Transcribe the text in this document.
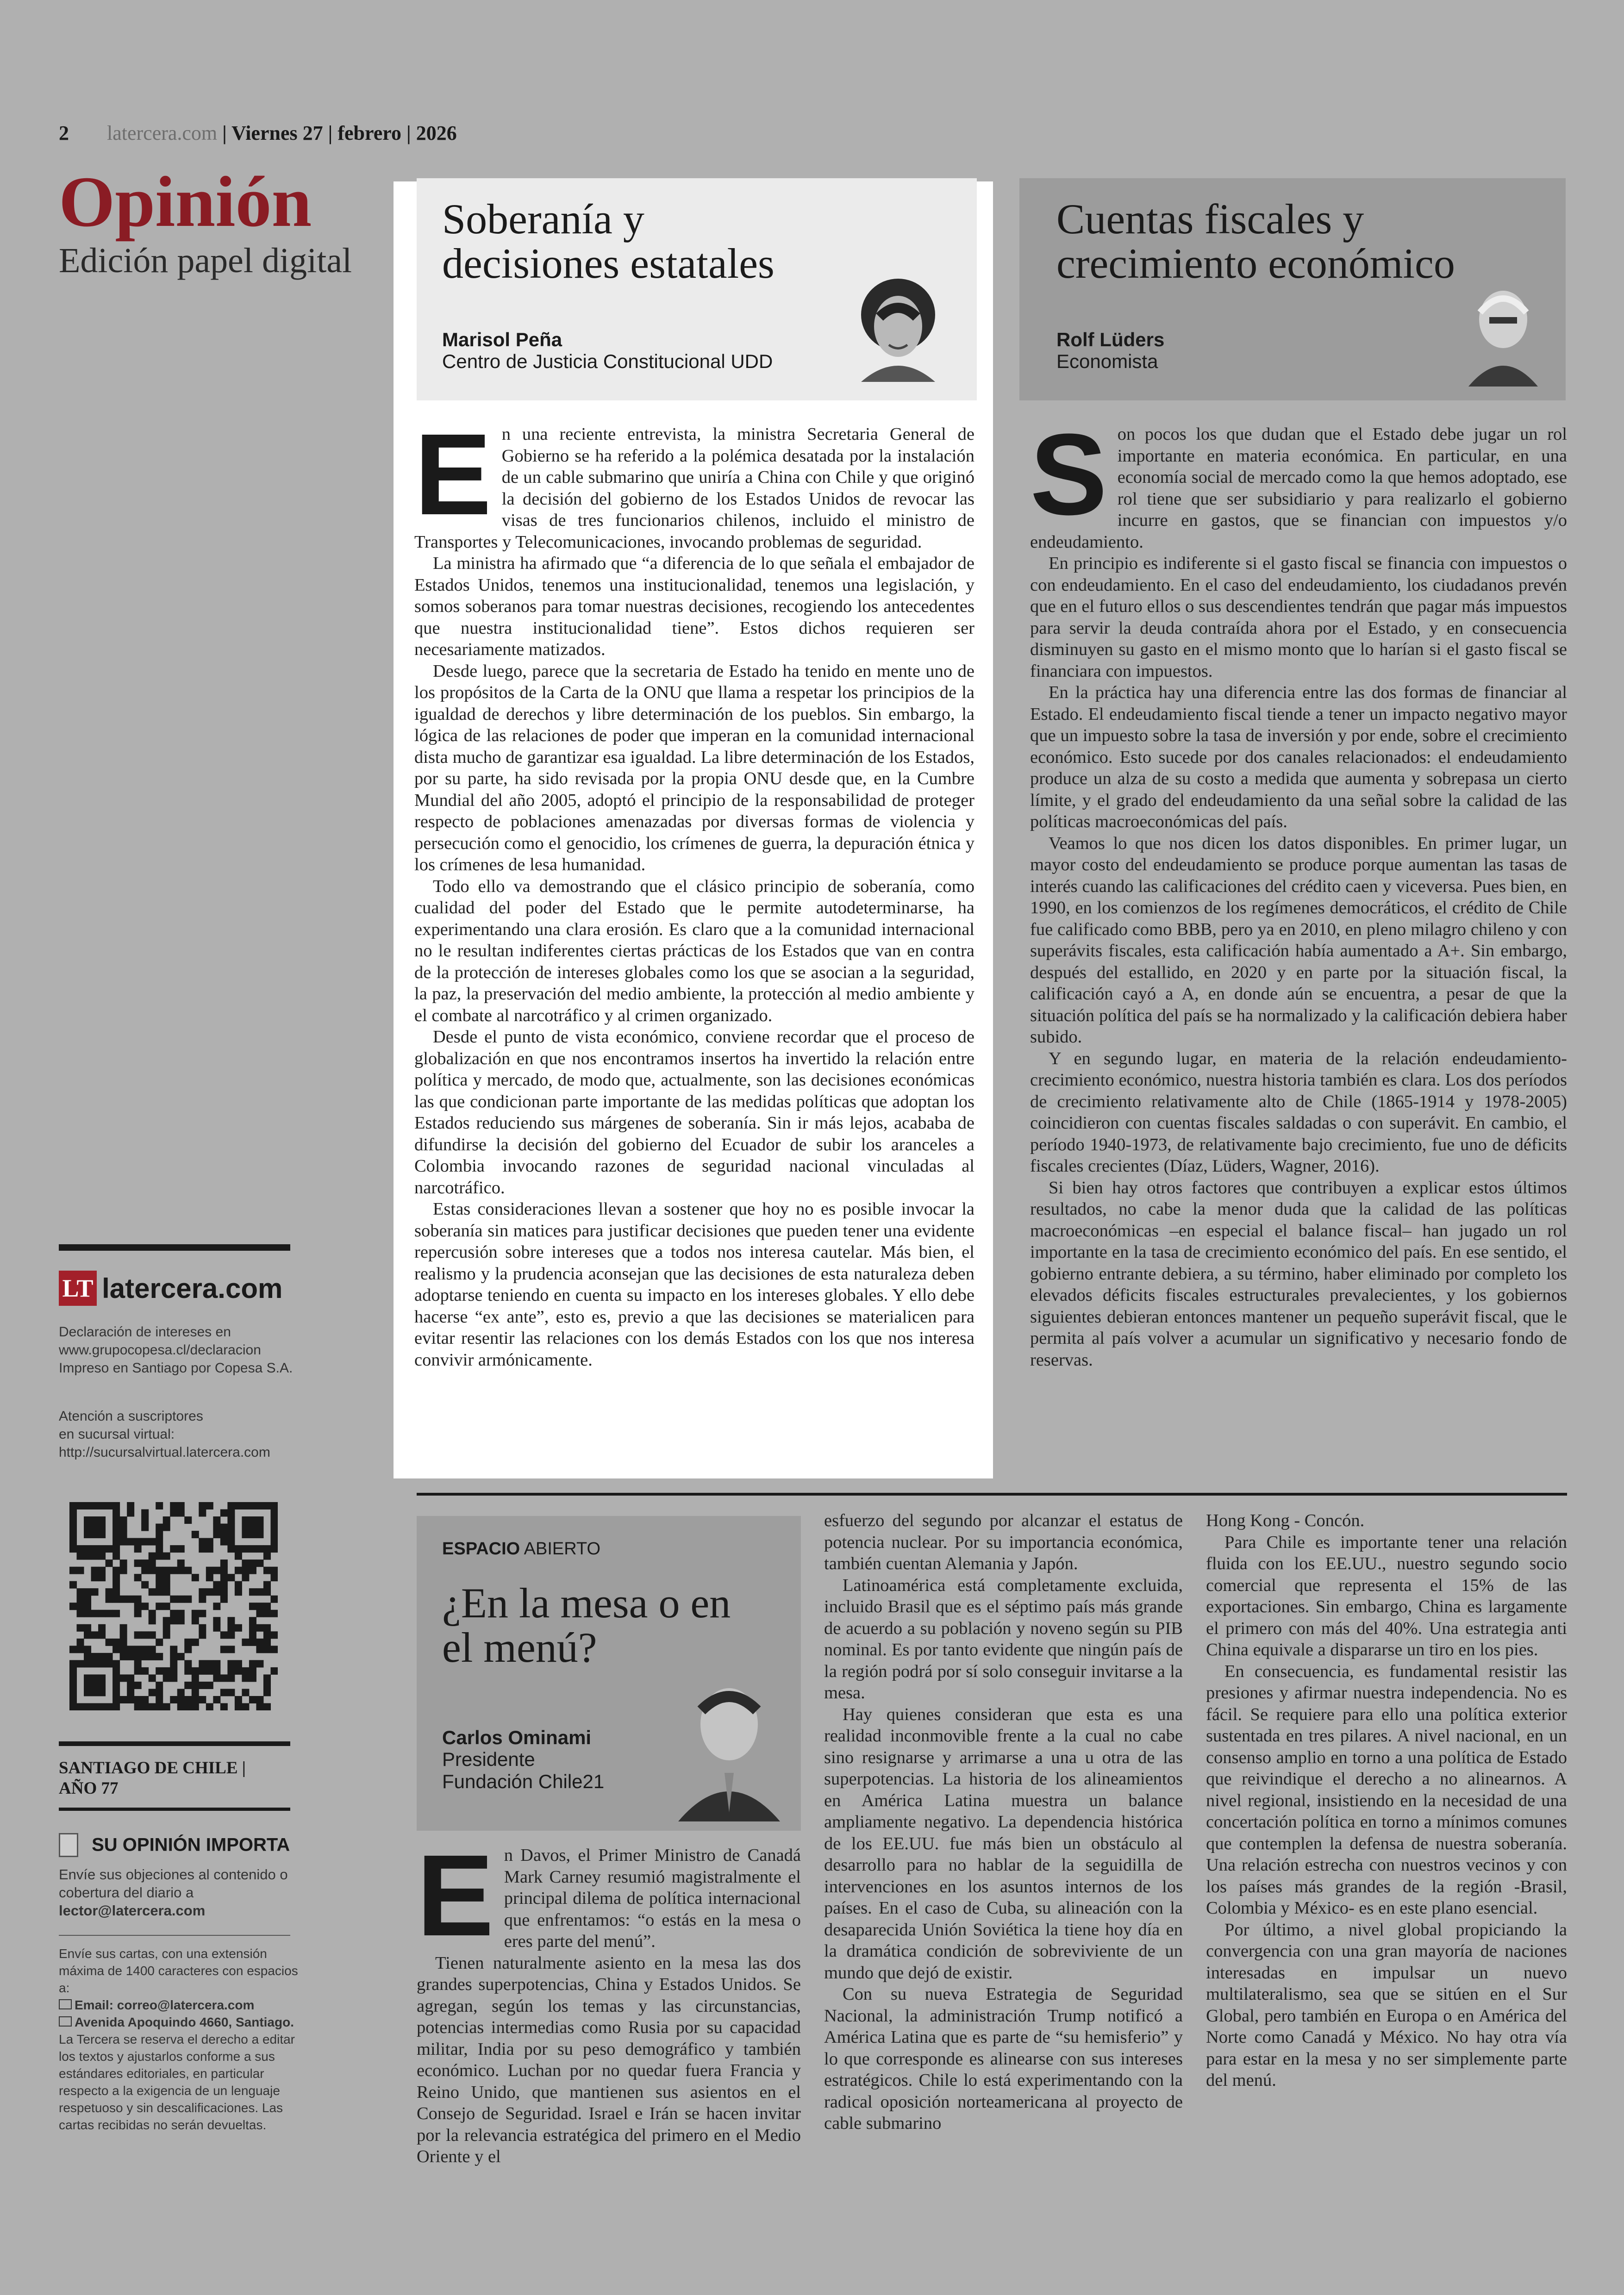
2 latercera.com | Viernes 27 | febrero | 2026
Opinión
Edición papel digital
LT latercera.com
Declaración de intereses en www.grupocopesa.cl/declaracion Impreso en Santiago por Copesa S.A.
Atención a suscriptores
en sucursal virtual:
http://sucursalvirtual.latercera.com
SANTIAGO DE CHILE |
AÑO 77
SU OPINIÓN IMPORTA
Envíe sus objeciones al contenido o cobertura del diario a
lector@latercera.com
Envíe sus cartas, con una extensión máxima de 1400 caracteres con espacios a:
Email: correo@latercera.com
Avenida Apoquindo 4660, Santiago.
La Tercera se reserva el derecho a editar los textos y ajustarlos conforme a sus estándares editoriales, en particular respecto a la exigencia de un lenguaje respetuoso y sin descalificaciones. Las cartas recibidas no serán devueltas.
Soberanía y
decisiones estatales
Marisol Peña
Centro de Justicia Constitucional UDD

En una reciente entrevista, la ministra Secretaria General de Gobierno se ha referido a la polémica desatada por la instalación de un cable submarino que uniría a China con Chile y que originó la decisión del gobierno de los Estados Unidos de revocar las visas de tres funcionarios chilenos, incluido el ministro de Transportes y Telecomunicaciones, invocando problemas de seguridad.

La ministra ha afirmado que “a diferencia de lo que señala el embajador de Estados Unidos, tenemos una institucionalidad, tenemos una legislación, y somos soberanos para tomar nuestras decisiones, recogiendo los antecedentes que nuestra institucionalidad tiene”. Estos dichos requieren ser necesariamente matizados.

Desde luego, parece que la secretaria de Estado ha tenido en mente uno de los propósitos de la Carta de la ONU que llama a respetar los principios de la igualdad de derechos y libre determinación de los pueblos. Sin embargo, la lógica de las relaciones de poder que imperan en la comunidad internacional dista mucho de garantizar esa igualdad. La libre determinación de los Estados, por su parte, ha sido revisada por la propia ONU desde que, en la Cumbre Mundial del año 2005, adoptó el principio de la responsabilidad de proteger respecto de poblaciones amenazadas por diversas formas de violencia y persecución como el genocidio, los crímenes de guerra, la depuración étnica y los crímenes de lesa humanidad.

Todo ello va demostrando que el clásico principio de soberanía, como cualidad del poder del Estado que le permite autodeterminarse, ha experimentando una clara erosión. Es claro que a la comunidad internacional no le resultan indiferentes ciertas prácticas de los Estados que van en contra de la protección de intereses globales como los que se asocian a la seguridad, la paz, la preservación del medio ambiente, la protección al medio ambiente y el combate al narcotráfico y al crimen organizado.

Desde el punto de vista económico, conviene recordar que el proceso de globalización en que nos encontramos insertos ha invertido la relación entre política y mercado, de modo que, actualmente, son las decisiones económicas las que condicionan parte importante de las medidas políticas que adoptan los Estados reduciendo sus márgenes de soberanía. Sin ir más lejos, acababa de difundirse la decisión del gobierno del Ecuador de subir los aranceles a Colombia invocando razones de seguridad nacional vinculadas al narcotráfico.

Estas consideraciones llevan a sostener que hoy no es posible invocar la soberanía sin matices para justificar decisiones que pueden tener una evidente repercusión sobre intereses que a todos nos interesa cautelar. Más bien, el realismo y la prudencia aconsejan que las decisiones de esta naturaleza deben adoptarse teniendo en cuenta su impacto en los intereses globales. Y ello debe hacerse “ex ante”, esto es, previo a que las decisiones se materialicen para evitar resentir las relaciones con los demás Estados con los que nos interesa convivir armónicamente.

Cuentas fiscales y
crecimiento económico
Rolf Lüders
Economista

Son pocos los que dudan que el Estado debe jugar un rol importante en materia económica. En particular, en una economía social de mercado como la que hemos adoptado, ese rol tiene que ser subsidiario y para realizarlo el gobierno incurre en gastos, que se financian con impuestos y/o endeudamiento.

En principio es indiferente si el gasto fiscal se financia con impuestos o con endeudamiento. En el caso del endeudamiento, los ciudadanos prevén que en el futuro ellos o sus descendientes tendrán que pagar más impuestos para servir la deuda contraída ahora por el Estado, y en consecuencia disminuyen su gasto en el mismo monto que lo harían si el gasto fiscal se financiara con impuestos.

En la práctica hay una diferencia entre las dos formas de financiar al Estado. El endeudamiento fiscal tiende a tener un impacto negativo mayor que un impuesto sobre la tasa de inversión y por ende, sobre el crecimiento económico. Esto sucede por dos canales relacionados: el endeudamiento produce un alza de su costo a medida que aumenta y sobrepasa un cierto límite, y el grado del endeudamiento da una señal sobre la calidad de las políticas macroeconómicas del país.

Veamos lo que nos dicen los datos disponibles. En primer lugar, un mayor costo del endeudamiento se produce porque aumentan las tasas de interés cuando las calificaciones del crédito caen y viceversa. Pues bien, en 1990, en los comienzos de los regímenes democráticos, el crédito de Chile fue calificado como BBB, pero ya en 2010, en pleno milagro chileno y con superávits fiscales, esta calificación había aumentado a A+. Sin embargo, después del estallido, en 2020 y en parte por la situación fiscal, la calificación cayó a A, en donde aún se encuentra, a pesar de que la situación política del país se ha normalizado y la calificación debiera haber subido.

Y en segundo lugar, en materia de la relación endeudamiento-crecimiento económico, nuestra historia también es clara. Los dos períodos de crecimiento relativamente alto de Chile (1865-1914 y 1978-2005) coincidieron con cuentas fiscales saldadas o con superávit. En cambio, el período 1940-1973, de relativamente bajo crecimiento, fue uno de déficits fiscales crecientes (Díaz, Lüders, Wagner, 2016).

Si bien hay otros factores que contribuyen a explicar estos últimos resultados, no cabe la menor duda que la calidad de las políticas macroeconómicas –en especial el balance fiscal– han jugado un rol importante en la tasa de crecimiento económico del país. En ese sentido, el gobierno entrante debiera, a su término, haber eliminado por completo los elevados déficits fiscales estructurales prevalecientes, y los gobiernos siguientes debieran entonces mantener un pequeño superávit fiscal, que le permita al país volver a acumular un significativo y necesario fondo de reservas.

ESPACIO ABIERTO
¿En la mesa o en
el menú?
Carlos Ominami
Presidente
Fundación Chile21

En Davos, el Primer Ministro de Canadá Mark Carney resumió magistralmente el principal dilema de política internacional que enfrentamos: “o estás en la mesa o eres parte del menú”.

Tienen naturalmente asiento en la mesa las dos grandes superpotencias, China y Estados Unidos. Se agregan, según los temas y las circunstancias, potencias intermedias como Rusia por su capacidad militar, India por su peso demográfico y también económico. Luchan por no quedar fuera Francia y Reino Unido, que mantienen sus asientos en el Consejo de Seguridad. Israel e Irán se hacen invitar por la relevancia estratégica del primero en el Medio Oriente y el

esfuerzo del segundo por alcanzar el estatus de potencia nuclear. Por su importancia económica, también cuentan Alemania y Japón.

Latinoamérica está completamente excluida, incluido Brasil que es el séptimo país más grande de acuerdo a su población y noveno según su PIB nominal. Es por tanto evidente que ningún país de la región podrá por sí solo conseguir invitarse a la mesa.

Hay quienes consideran que esta es una realidad inconmovible frente a la cual no cabe sino resignarse y arrimarse a una u otra de las superpotencias. La historia de los alineamientos en América Latina muestra un balance ampliamente negativo. La dependencia histórica de los EE.UU. fue más bien un obstáculo al desarrollo para no hablar de la seguidilla de intervenciones en los asuntos internos de los países. En el caso de Cuba, su alineación con la desaparecida Unión Soviética la tiene hoy día en la dramática condición de sobreviviente de un mundo que dejó de existir.

Con su nueva Estrategia de Seguridad Nacional, la administración Trump notificó a América Latina que es parte de “su hemisferio” y lo que corresponde es alinearse con sus intereses estratégicos. Chile lo está experimentando con la radical oposición norteamericana al proyecto de cable submarino

Hong Kong - Concón.

Para Chile es importante tener una relación fluida con los EE.UU., nuestro segundo socio comercial que representa el 15% de las exportaciones. Sin embargo, China es largamente el primero con más del 40%. Una estrategia anti China equivale a dispararse un tiro en los pies.

En consecuencia, es fundamental resistir las presiones y afirmar nuestra independencia. No es fácil. Se requiere para ello una política exterior sustentada en tres pilares. A nivel nacional, en un consenso amplio en torno a una política de Estado que reivindique el derecho a no alinearnos. A nivel regional, insistiendo en la necesidad de una concertación política en torno a mínimos comunes que contemplen la defensa de nuestra soberanía. Una relación estrecha con nuestros vecinos y con los países más grandes de la región -Brasil, Colombia y México- es en este plano esencial.

Por último, a nivel global propiciando la convergencia con una gran mayoría de naciones interesadas en impulsar un nuevo multilateralismo, sea que se sitúen en el Sur Global, pero también en Europa o en América del Norte como Canadá y México. No hay otra vía para estar en la mesa y no ser simplemente parte del menú.
